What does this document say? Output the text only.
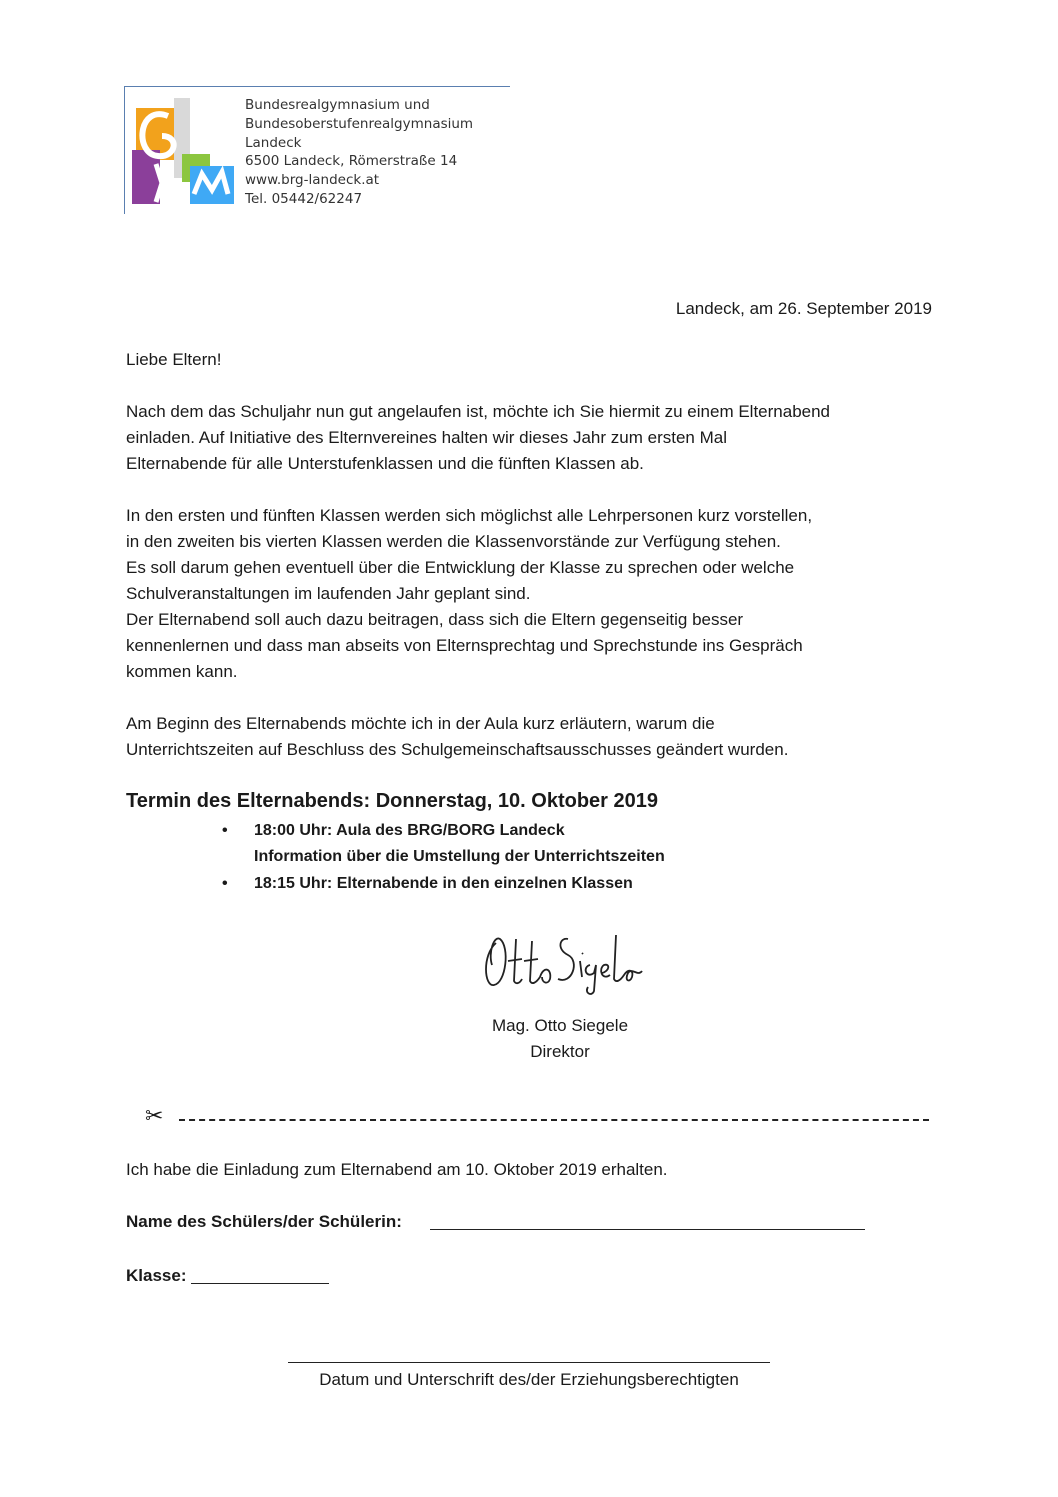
Bundesrealgymnasium und
Bundesoberstufenrealgymnasium
Landeck
6500 Landeck, Römerstraße 14
www.brg-landeck.at
Tel. 05442/62247
Landeck, am 26. September 2019
Liebe Eltern!

Nach dem das Schuljahr nun gut angelaufen ist, möchte ich Sie hiermit zu einem Elternabend
einladen. Auf Initiative des Elternvereines halten wir dieses Jahr zum ersten Mal
Elternabende für alle Unterstufenklassen und die fünften Klassen ab.

In den ersten und fünften Klassen werden sich möglichst alle Lehrpersonen kurz vorstellen,
in den zweiten bis vierten Klassen werden die Klassenvorstände zur Verfügung stehen.
Es soll darum gehen eventuell über die Entwicklung der Klasse zu sprechen oder welche
Schulveranstaltungen im laufenden Jahr geplant sind.
Der Elternabend soll auch dazu beitragen, dass sich die Eltern gegenseitig besser
kennenlernen und dass man abseits von Elternsprechtag und Sprechstunde ins Gespräch
kommen kann.

Am Beginn des Elternabends möchte ich in der Aula kurz erläutern, warum die
Unterrichtszeiten auf Beschluss des Schulgemeinschaftsausschusses geändert wurden.

Termin des Elternabends: Donnerstag, 10. Oktober 2019
•	18:00 Uhr: Aula des BRG/BORG Landeck
Information über die Umstellung der Unterrichtszeiten
•	18:15 Uhr: Elternabende in den einzelnen Klassen
Mag. Otto Siegele
Direktor
✂
Ich habe die Einladung zum Elternabend am 10. Oktober 2019 erhalten.
Name des Schülers/der Schülerin:
Klasse:
Datum und Unterschrift des/der Erziehungsberechtigten
